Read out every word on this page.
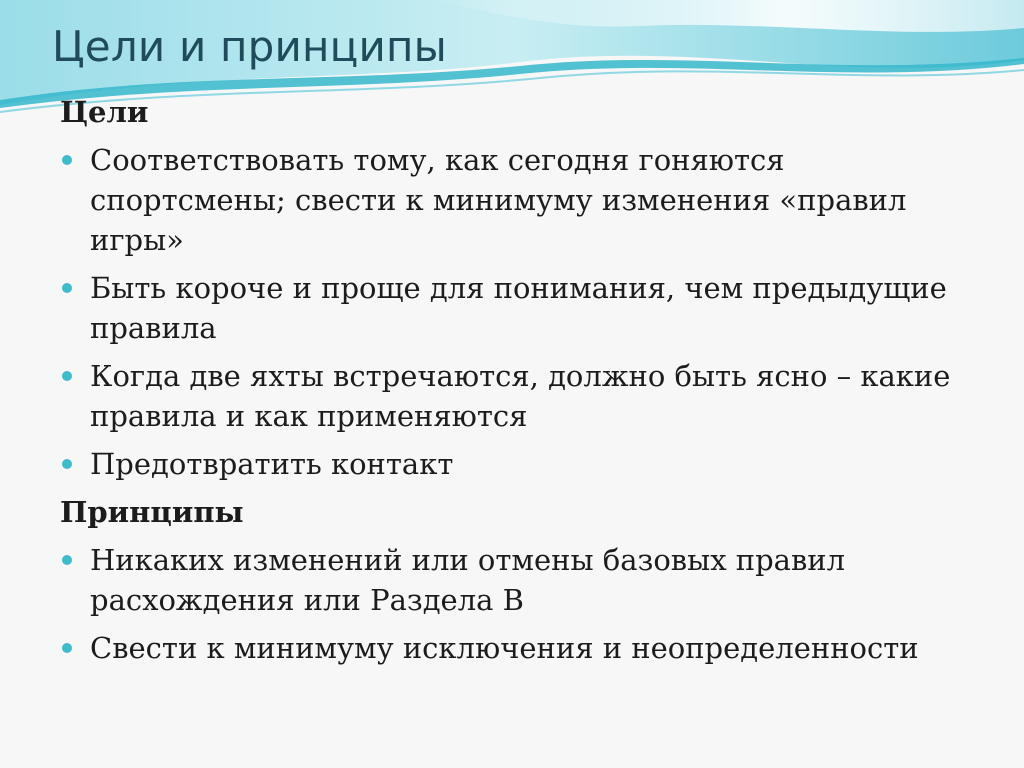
Цели и принципы
Цели
Соответствовать тому, как сегодня гоняются спортсмены; свести к минимуму изменения «правил игры»
Быть короче и проще для понимания, чем предыдущие правила
Когда две яхты встречаются, должно быть ясно – какие правила и как применяются
Предотвратить контакт
Принципы
Никаких изменений или отмены базовых правил расхождения или Раздела В
Свести к минимуму исключения и неопределенности
